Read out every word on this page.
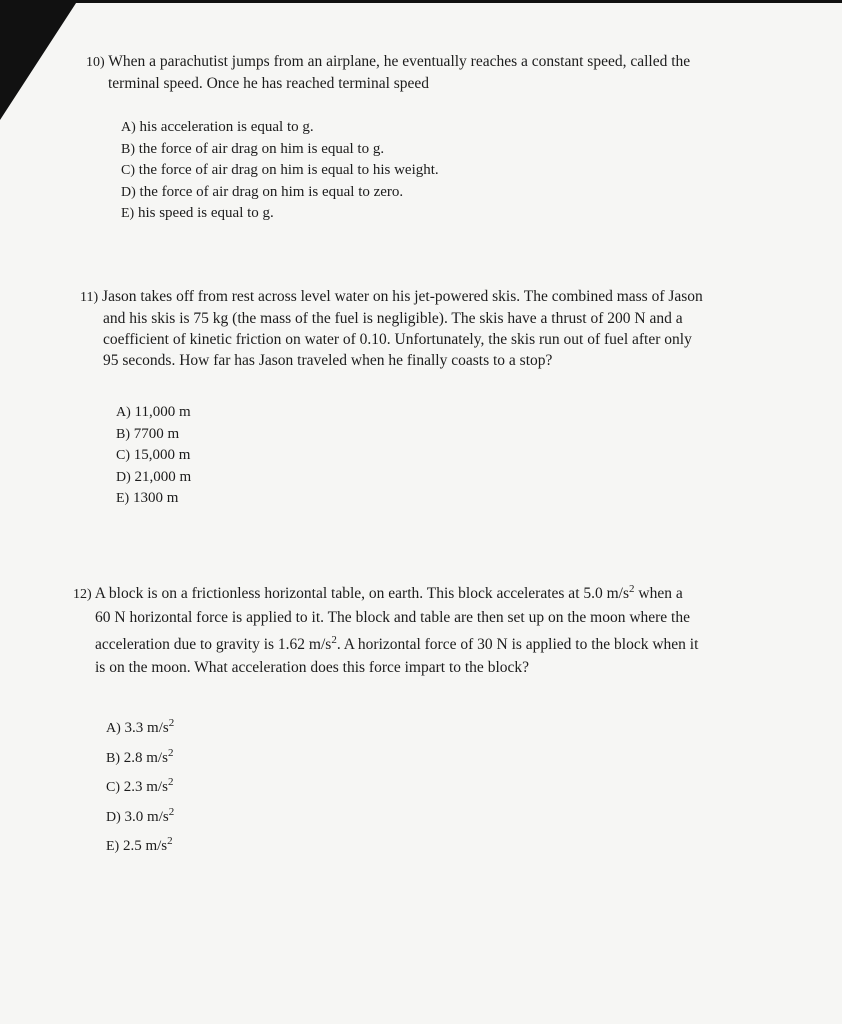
10) When a parachutist jumps from an airplane, he eventually reaches a constant speed, called the

terminal speed. Once he has reached terminal speed

A) his acceleration is equal to g.
B) the force of air drag on him is equal to g.
C) the force of air drag on him is equal to his weight.
D) the force of air drag on him is equal to zero.
E) his speed is equal to g.

11) Jason takes off from rest across level water on his jet-powered skis. The combined mass of Jason

and his skis is 75 kg (the mass of the fuel is negligible). The skis have a thrust of 200 N and a

coefficient of kinetic friction on water of 0.10. Unfortunately, the skis run out of fuel after only

95 seconds. How far has Jason traveled when he finally coasts to a stop?

A) 11,000 m
B) 7700 m
C) 15,000 m
D) 21,000 m
E) 1300 m

12) A block is on a frictionless horizontal table, on earth. This block accelerates at 5.0 $m/s^2$ when a

60 N horizontal force is applied to it. The block and table are then set up on the moon where the

acceleration due to gravity is 1.62 $m/s^2$. A horizontal force of 30 N is applied to the block when it

is on the moon. What acceleration does this force impart to the block?

A) 3.3 $m/s^2$
B) 2.8 $m/s^2$
C) 2.3 $m/s^2$
D) 3.0 $m/s^2$
E) 2.5 $m/s^2$
